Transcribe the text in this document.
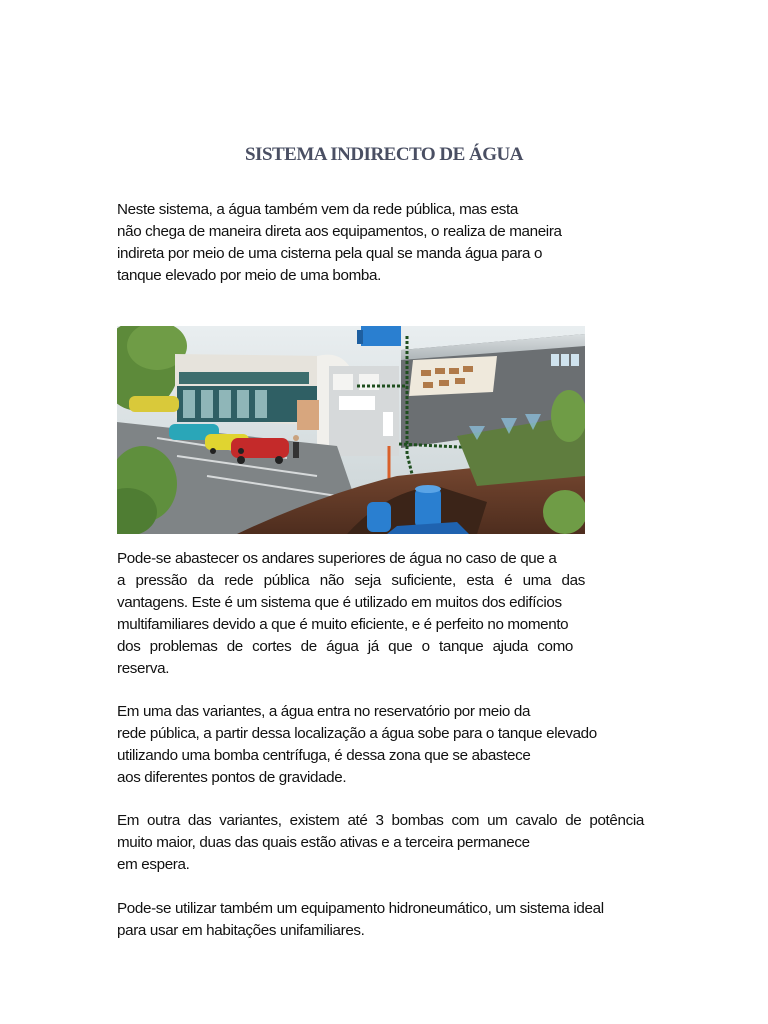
SISTEMA INDIRECTO DE ÁGUA
Neste sistema, a água também vem da rede pública, mas esta
não chega de maneira direta aos equipamentos, o realiza de maneira
indireta por meio de uma cisterna pela qual se manda água para o
tanque elevado por meio de uma bomba.
Pode-se abastecer os andares superiores de água no caso de que a
a pressão da rede pública não seja suficiente, esta é uma das
vantagens. Este é um sistema que é utilizado em muitos dos edifícios
multifamiliares devido a que é muito eficiente, e é perfeito no momento
dos problemas de cortes de água já que o tanque ajuda como
reserva.
Em uma das variantes, a água entra no reservatório por meio da
rede pública, a partir dessa localização a água sobe para o tanque elevado
utilizando uma bomba centrífuga, é dessa zona que se abastece
aos diferentes pontos de gravidade.
Em outra das variantes, existem até 3 bombas com um cavalo de potência
muito maior, duas das quais estão ativas e a terceira permanece
em espera.
Pode-se utilizar também um equipamento hidroneumático, um sistema ideal
para usar em habitações unifamiliares.
